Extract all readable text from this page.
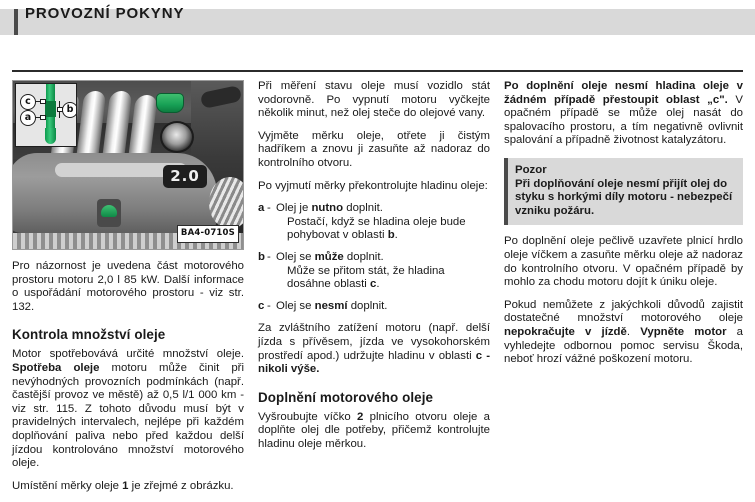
PROVOZNÍ POKYNY
2.0
c
a
b
BA4-0710S

Pro názornost je uvedena část motorového prostoru motoru 2,0 l 85 kW. Další informace o uspořádání motorového prostoru - viz str. 132.

Kontrola množství oleje

Motor spotřebovává určité množství oleje. Spotřeba oleje motoru může činit při nevýhodných provozních podmínkách (např. častější provoz ve městě) až 0,5 l/1 000 km - viz str. 115. Z tohoto důvodu musí být v pravidelných intervalech, nejlépe při každém doplňování paliva nebo před každou delší jízdou kontrolováno množství motorového oleje.

Umístění měrky oleje 1 je zřejmé z obrázku.

Při měření stavu oleje musí vozidlo stát vodorovně. Po vypnutí motoru vyčkejte několik minut, než olej steče do olejové vany.

Vyjměte měrku oleje, otřete ji čistým hadříkem a znovu ji zasuňte až nadoraz do kontrolního otvoru.

Po vyjmutí měrky překontrolujte hladinu oleje:

a - Olej je nutno doplnit.
Postačí, když se hladina oleje bude pohybovat v oblasti b.
b - Olej se může doplnit.
Může se přitom stát, že hladina dosáhne oblasti c.
c - Olej se nesmí doplnit.

Za zvláštního zatížení motoru (např. delší jízda s přívěsem, jízda ve vysokohorském prostředí apod.) udržujte hladinu v oblasti c - nikoli výše.

Doplnění motorového oleje

Vyšroubujte víčko 2 plnicího otvoru oleje a doplňte olej dle potřeby, přičemž kontrolujte hladinu oleje měrkou.

Po doplnění oleje nesmí hladina oleje v žádném případě přestoupit oblast „c". V opačném případě se může olej nasát do spalovacího prostoru, a tím negativně ovlivnit spalování a případně životnost katalyzátoru.

Pozor
Při doplňování oleje nesmí přijít olej do styku s horkými díly motoru - nebezpečí vzniku požáru.

Po doplnění oleje pečlivě uzavřete plnicí hrdlo oleje víčkem a zasuňte měrku oleje až nadoraz do kontrolního otvoru. V opačném případě by mohlo za chodu motoru dojít k úniku oleje.

Pokud nemůžete z jakýchkoli důvodů zajistit dostatečné množství motorového oleje nepokračujte v jízdě. Vypněte motor a vyhledejte odbornou pomoc servisu Škoda, neboť hrozí vážné poškození motoru.
